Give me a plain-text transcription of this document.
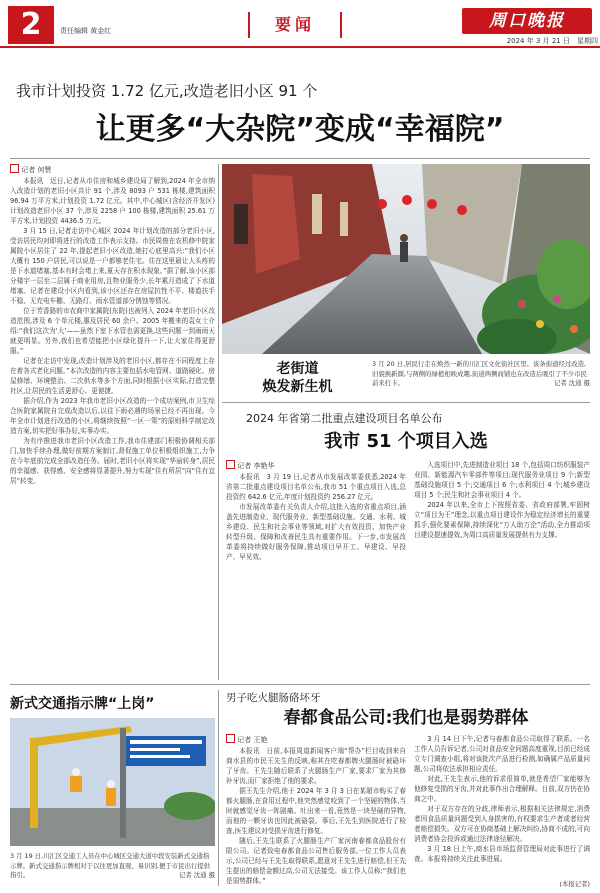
2	责任编辑 黄金红	要闻	周口晚报
2024 年 3 月 21 日　星期四
我市计划投资 1.72 亿元,改造老旧小区 91 个
让更多“大杂院”变成“幸福院”
记者 何赞

本报讯　近日,记者从市住房和城乡建设局了解到,2024 年全市纳入改造计划的老旧小区共计 91 个,涉及 8093 户 531 栋楼,建筑面积 96.94 万平方米,计划投资 1.72 亿元。其中,中心城区(含经济开发区)计划改造老旧小区 37 个,涉及 2258 户 100 栋楼,建筑面积 25.61 万平方米,计划投资 4436.5 万元。

3 月 15 日,记者走访中心城区 2024 年计划改造的部分老旧小区,受访居民均对即将进行的改造工作表示支持。市民周俊在农机修中院家属院小区居住了 22 年,提起老旧小区改造,她打心底里高兴:“我们小区大概有 150 户居民,可以说是一户都够老住宅。住在这里最让人头疼的是下水道堵塞,基本有时会堵上来,夏天存在积水现象。”据了解,该小区部分楼宇一层至二层属于商业用房,且物业服务少,长年累月造成了下水道堵塞。记者在建设小区内看到,该小区还存在房屋抗性不平、楼道扶手不稳、无充电车棚、无路灯、雨水管道部分锈蚀等情况。

位于芳香路的市农商中家属院(东院)也被列入 2024 年老旧小区改造范围,涉及 6 个单元楼,惠及居民 60 余户。2005 年搬来的袁女士介绍:“我们这次为‘大’——虽然下室下水管也需更换,这些问题一到雨雨天就更明显。另外,我们也希望能把小区绿化提升一下,让大家住得更舒服。”

记者在走访中发现,改造计划涉及的老旧小区,都存在不同程度上存在着各式老化问题。”本次改造的内容主要包括水电管网、道路硬化、房屋修缮、环境整治、二次供水等多个方面,同时根据小区实际,打造完整社区,让居民的生活更舒心、更便捷。

据介绍,作为 2023 年我市老旧小区改造的一个成功案例,市卫生综合医院家属院自完成改造以后,以往下雨必遇的场景已经不再出现。今年全市计划进行改造的小区,将继续按照“一区一策”的原则科学制定改造方案,切实把好事办好,实事办实。

为有序推进我市老旧小区改造工作,我市住建部门积极协调相关部门,加快手续办理,做好前期方案制订,督促施工单位积极组织施工,力争在今年底前完成全部改造任务。届时,老旧小区将实现“华丽转身”,居民的幸福感、获得感、安全感将显著提升,努力实现“住有所居”向“住有宜居”转变。

老街道
焕发新生机
3 月 20 日,居民行走在焕然一新的川汇区文化街社区里。该条街道经过改造,旧貌换新颜,与两侧的绿植相映成趣,街道两侧商铺也在改造后吸引了不少市民前来打卡。	记者 沈通 摄
2024 年省第二批重点建设项目名单公布
我市 51 个项目入选
记者 李艳华

本报讯　3 月 19 日,记者从市发展改革委获悉,2024 年省第二批重点建设项目名单公布,我市 51 个重点项目入选,总投资约 642.6 亿元,年度计划投资约 256.27 亿元。

市发展改革委有关负责人介绍,这批入选的省重点项目,涵盖先进制造业、现代服务业、新型基础设施、交通、水利、城乡建设、民生和社会事业等领域,对扩大有效投资、加快产业转型升级、保障和改善民生具有重要作用。下一步,市发展改革委将持续做好服务保障,推动项目早开工、早建设、早投产、早见效。

入选项目中,先进制造业项目 18 个,包括周口纺织服装产业园、新能源汽车零部件等项目;现代服务业项目 9 个;新型基础设施项目 5 个;交通项目 6 个;水利项目 4 个;城乡建设项目 5 个;民生和社会事业项目 4 个。

2024 年以来,全市上下按照省委、省政府部署,牢固树立“项目为王”理念,以重点项目建设作为稳定经济增长的重要抓手,强化要素保障,持续深化“万人助万企”活动,全力推动项目建设提速提效,为周口高质量发展提供有力支撑。

新式交通指示牌“上岗”
3 月 19 日,川汇区交通工人员在中心城区交通大道中段安装新式交通指示牌。新式交通指示牌相对于以往更加直观、易识别,便于市民出行提供指引。	记者 沈通 摄
男子吃火腿肠硌坏牙
春都食品公司:我们也是弱势群体
记者 王艳

本报讯　日前,本报周道新闻客户端“帮办”栏目收到来自商水县的市民王先生的反映,称其在吃春都牌火腿肠时被硌坏了牙齿。王先生随后联系了火腿肠生产厂家,要求厂家为其修补牙齿,而厂家拒绝了他的要求。

据王先生介绍,他于 2024 年 3 月 3 日在某超市购买了春都火腿肠,在食用过程中,他突然感觉咬到了一个坚硬的物体,当时就感觉牙齿一阵剧痛。吐出来一看,竟然是一块坚硬的异物,而他的一颗牙齿也因此被硌裂。事后,王先生到医院进行了检查,医生建议对受损牙齿进行修复。

随后,王先生联系了火腿肠生产厂家河南春都食品股份有限公司。记者致电春都食品公司售后服务部,一位工作人员表示,公司已经与王先生取得联系,愿意对王先生进行赔偿,但王先生提出的赔偿金额过高,公司无法接受。该工作人员称:“我们也是弱势群体。”

3 月 14 日下午,记者与春都食品公司取得了联系。一名工作人员告诉记者,公司对食品安全问题高度重视,目前已经成立专门调查小组,将对该批次产品进行检测,如确属产品质量问题,公司将依法承担相应责任。

对此,王先生表示,他的诉求很简单,就是希望厂家能够为他修复受损的牙齿,并对此事作出合理解释。目前,双方仍在协商之中。

对于双方存在的分歧,律师表示,根据相关法律规定,消费者因食品质量问题受到人身损害的,有权要求生产者或者经营者赔偿损失。双方可在协商基础上解决纠纷,协商不成的,可向消费者协会投诉或通过法律途径解决。

3 月 18 日上午,商水县市场监督管理局对此事进行了调查。本报将持续关注此事进展。

(本报记者)
